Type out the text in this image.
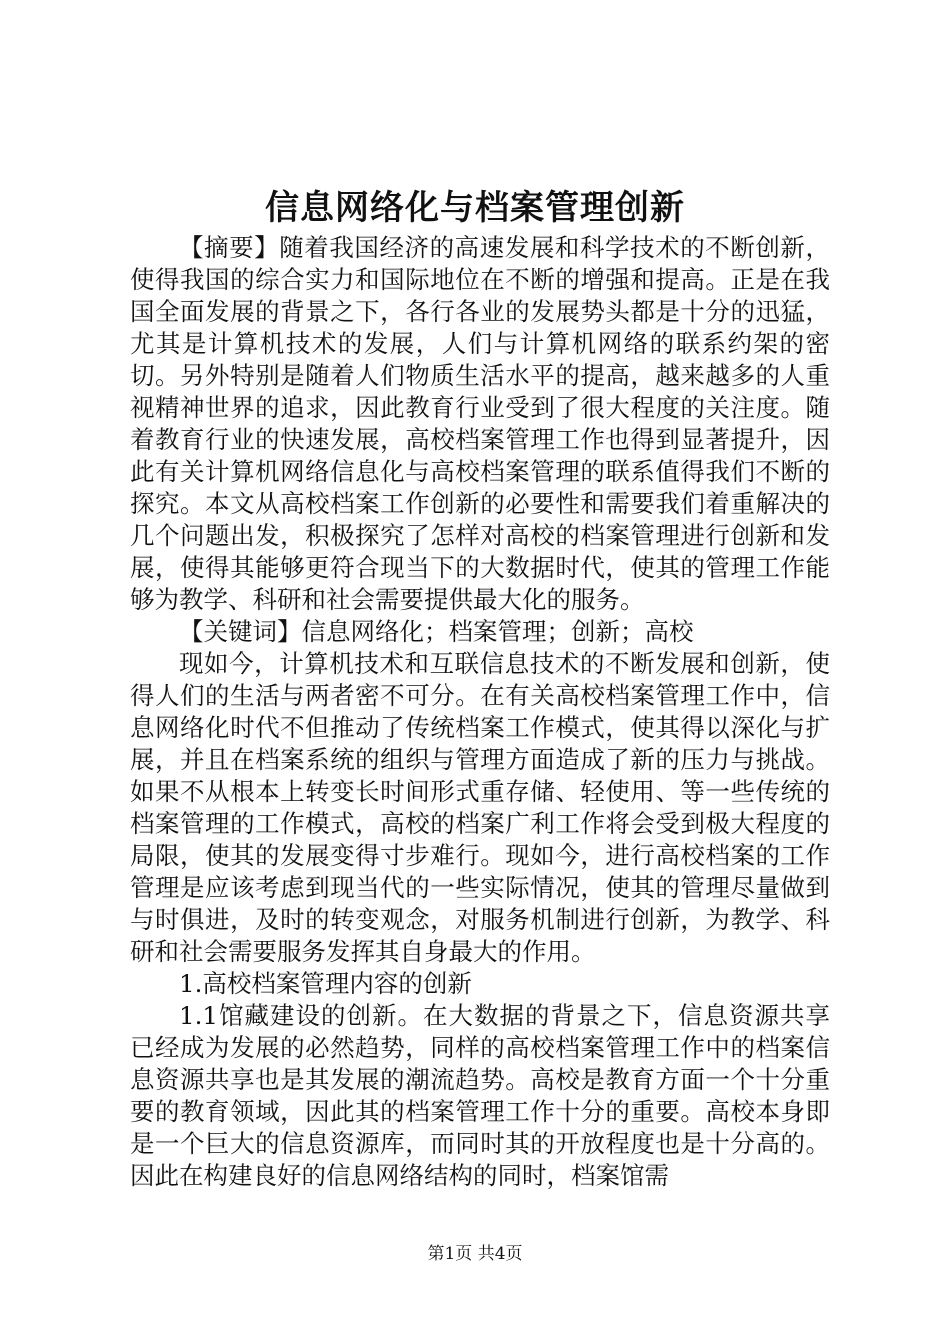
信息网络化与档案管理创新

【摘要】随着我国经济的高速发展和科学技术的不断创新，使得我国的综合实力和国际地位在不断的增强和提高。正是在我国全面发展的背景之下，各行各业的发展势头都是十分的迅猛，尤其是计算机技术的发展，人们与计算机网络的联系约架的密切。另外特别是随着人们物质生活水平的提高，越来越多的人重视精神世界的追求，因此教育行业受到了很大程度的关注度。随着教育行业的快速发展，高校档案管理工作也得到显著提升，因此有关计算机网络信息化与高校档案管理的联系值得我们不断的探究。本文从高校档案工作创新的必要性和需要我们着重解决的几个问题出发，积极探究了怎样对高校的档案管理进行创新和发展，使得其能够更符合现当下的大数据时代，使其的管理工作能够为教学、科研和社会需要提供最大化的服务。

【关键词】信息网络化；档案管理；创新；高校

现如今，计算机技术和互联信息技术的不断发展和创新，使得人们的生活与两者密不可分。在有关高校档案管理工作中，信息网络化时代不但推动了传统档案工作模式，使其得以深化与扩展，并且在档案系统的组织与管理方面造成了新的压力与挑战。如果不从根本上转变长时间形式重存储、轻使用、等一些传统的档案管理的工作模式，高校的档案广利工作将会受到极大程度的局限，使其的发展变得寸步难行。现如今，进行高校档案的工作管理是应该考虑到现当代的一些实际情况，使其的管理尽量做到与时俱进，及时的转变观念，对服务机制进行创新，为教学、科研和社会需要服务发挥其自身最大的作用。

1.高校档案管理内容的创新

1.1馆藏建设的创新。在大数据的背景之下，信息资源共享已经成为发展的必然趋势，同样的高校档案管理工作中的档案信息资源共享也是其发展的潮流趋势。高校是教育方面一个十分重要的教育领域，因此其的档案管理工作十分的重要。高校本身即是一个巨大的信息资源库，而同时其的开放程度也是十分高的。因此在构建良好的信息网络结构的同时，档案馆需

第1页 共4页
